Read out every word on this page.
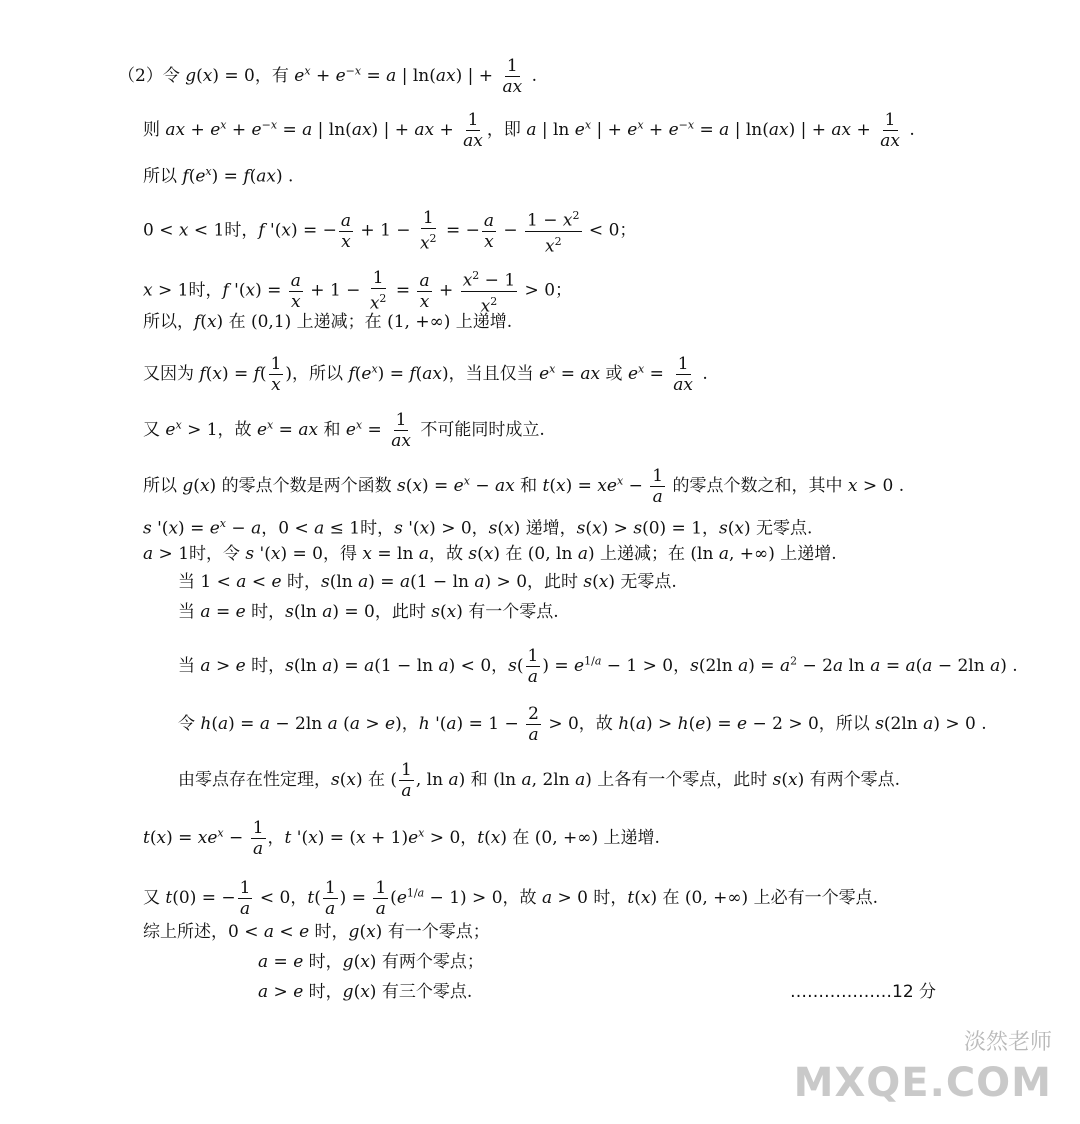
（2）令 g(x) = 0，有 $e^x + e^{-x} = a$ | ln(ax) | + $\frac{1}{ax}$ .
则 ax + $e^x + e^{-x} = a$ | ln(ax) | + ax + $\frac{1}{ax}$ ，即 a | $\ln e^x$ | + $e^x + e^{-x} = a$ | ln(ax) | + ax + $\frac{1}{ax}$ .
所以 $f(e^x) = f(ax)$ .
0 < x < 1时，f '(x) = − $\frac{a}{x} + 1 - \frac{1}{x^2}$ = − $\frac{a}{x} - \frac{1 - x^2}{x^2} < 0$；
x > 1时，f '$(x) = \frac{a}{x} + 1 - \frac{1}{x^2} = \frac{a}{x} + \frac{x^2 - 1}{x^2} > 0$；
所以，f(x) 在 (0,1) 上递减；在 (1, +∞) 上递增.
又因为 $f(x) = f( \frac{1}{x}$ )，所以 $f(e^x) = f(ax)$，当且仅当 $e^x$ = ax 或 $e^x = \frac{1}{ax}$ .
又 $e^x > 1$，故 $e^x$ = ax 和 $e^x = \frac{1}{ax}$ 不可能同时成立.
所以 g(x) 的零点个数是两个函数 $s(x) = e^x$ − ax 和 $t(x) = xe^x - \frac{1}{a}$ 的零点个数之和，其中 x > 0 .
s '$(x) = e^x - a$，0 < a ≤ 1时，s '(x) > 0，s(x) 递增，s(x) > s(0) = 1，s(x) 无零点.
a > 1时，令 s '(x) = 0，得 x = ln a，故 s(x) 在 (0, ln a) 上递减；在 (ln a, +∞) 上递增.
当 1 < a < e 时，s(ln a) = a(1 − ln a) > 0，此时 s(x) 无零点.
当 a = e 时，s(ln a) = 0，此时 s(x) 有一个零点.
当 a > e 时，s(ln a) = a(1 − ln a) < 0，$s( \frac{1}{a}$ ) = $e^{1/a} - 1 > 0$，s(2ln $a) = a^2 - 2a$ ln a = a(a − 2ln a) .
令 h(a) = a − 2ln a (a > e)，h '$(a) = 1 - \frac{2}{a} > 0$，故 h(a) > h(e) = e − 2 > 0，所以 s(2ln a) > 0 .
由零点存在性定理，s(x) 在 ( $\frac{1}{a}$ , ln a) 和 (ln a, 2ln a) 上各有一个零点，此时 s(x) 有两个零点.
$t(x) = xe^x - \frac{1}{a}$ ，t '$(x) = (x + 1)e^x > 0$，t(x) 在 (0, +∞) 上递增.
又 t(0) = − $\frac{1}{a} < 0$，$t( \frac{1}{a}$ ) = $\frac{1}{a} (e^{1/a} - 1) > 0$，故 a > 0 时，t(x) 在 (0, +∞) 上必有一个零点.
综上所述，0 < a < e 时，g(x) 有一个零点；
a = e 时，g(x) 有两个零点；
a > e 时，g(x) 有三个零点.	………………12 分
淡然老师
MXQE.COM
